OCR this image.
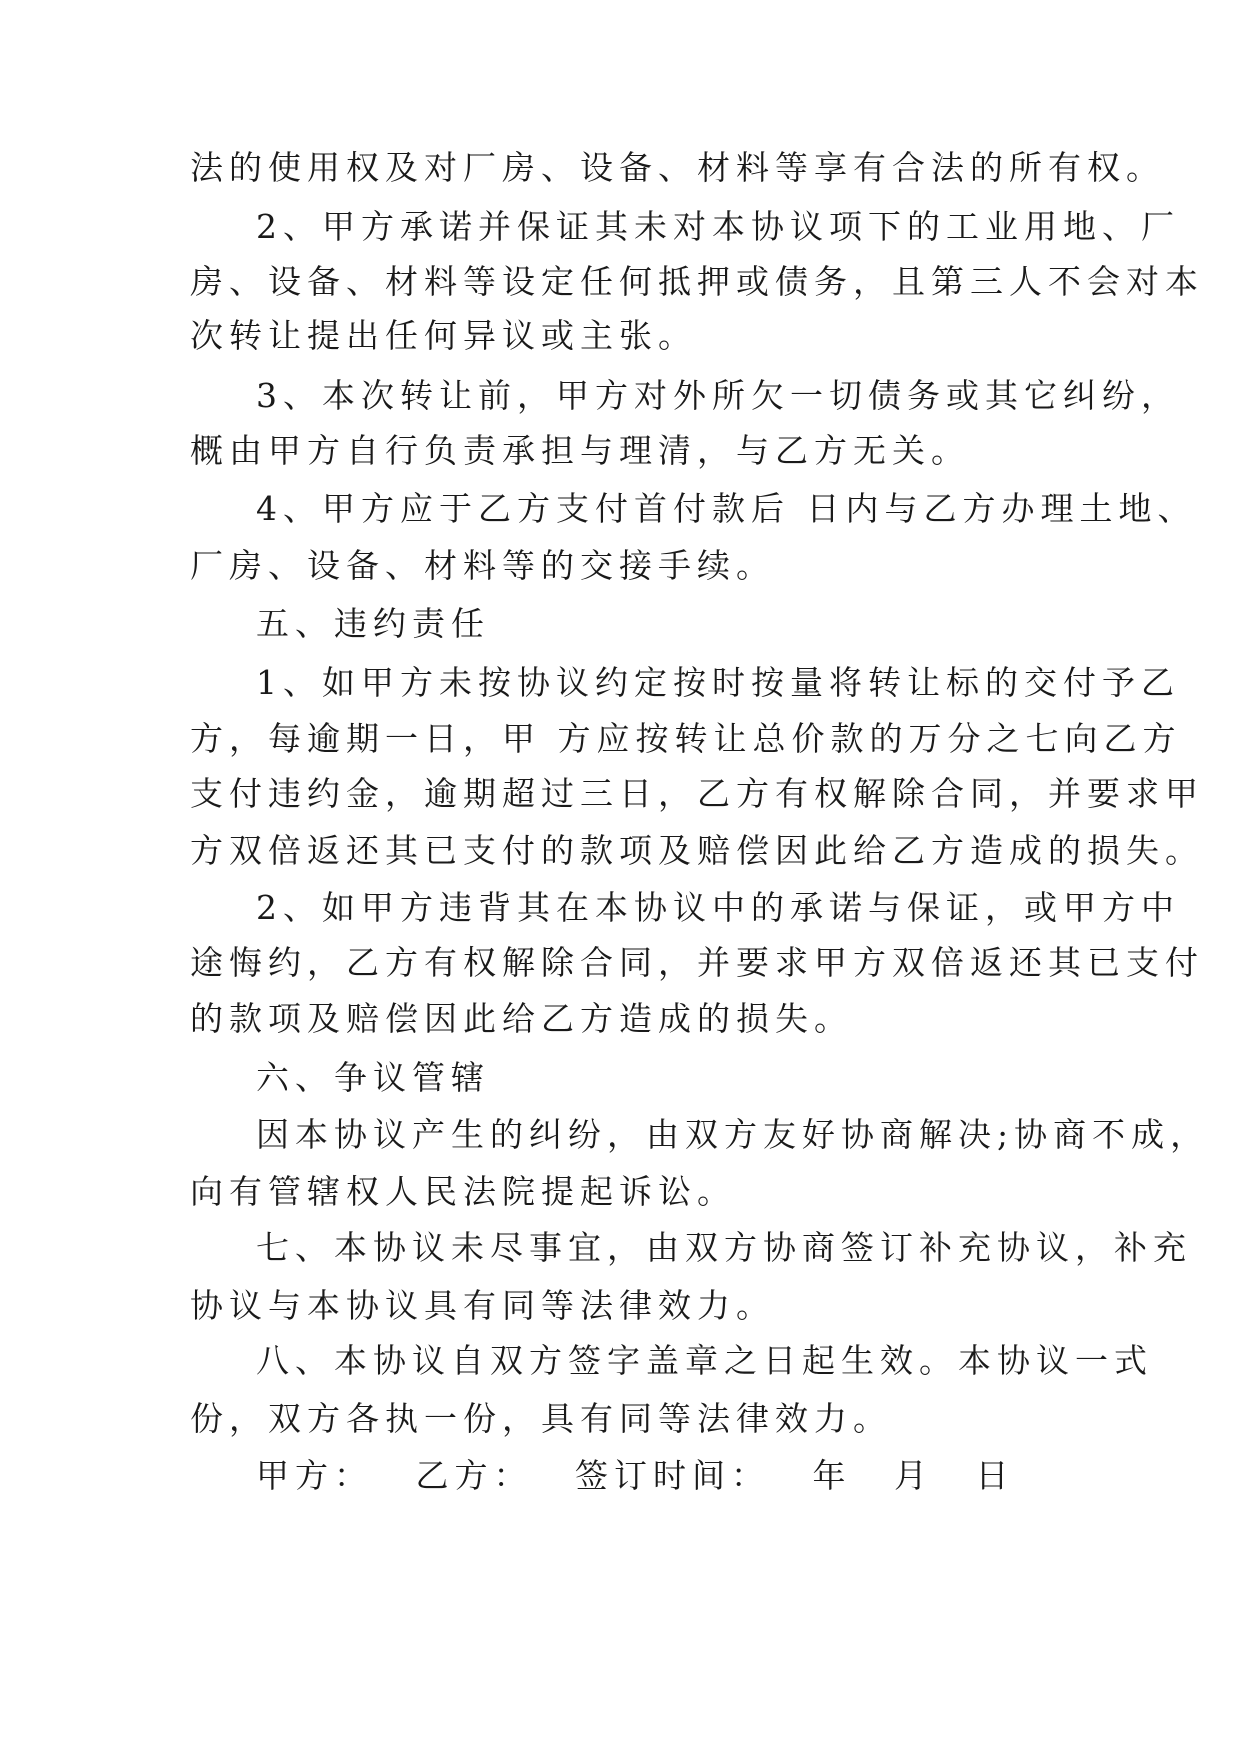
法的使用权及对厂房、设备、材料等享有合法的所有权。
2、甲方承诺并保证其未对本协议项下的工业用地、厂
房、设备、材料等设定任何抵押或债务，且第三人不会对本
次转让提出任何异议或主张。
3、本次转让前，甲方对外所欠一切债务或其它纠纷，
概由甲方自行负责承担与理清，与乙方无关。
4、甲方应于乙方支付首付款后 日内与乙方办理土地、
厂房、设备、材料等的交接手续。
五、违约责任
1、如甲方未按协议约定按时按量将转让标的交付予乙
方，每逾期一日，甲 方应按转让总价款的万分之七向乙方
支付违约金，逾期超过三日，乙方有权解除合同，并要求甲
方双倍返还其已支付的款项及赔偿因此给乙方造成的损失。
2、如甲方违背其在本协议中的承诺与保证，或甲方中
途悔约，乙方有权解除合同，并要求甲方双倍返还其已支付
的款项及赔偿因此给乙方造成的损失。
六、争议管辖
因本协议产生的纠纷，由双方友好协商解决;协商不成，
向有管辖权人民法院提起诉讼。
七、本协议未尽事宜，由双方协商签订补充协议，补充
协议与本协议具有同等法律效力。
八、本协议自双方签字盖章之日起生效。本协议一式
份，双方各执一份，具有同等法律效力。
甲方： 乙方： 签订时间： 年 月 日
